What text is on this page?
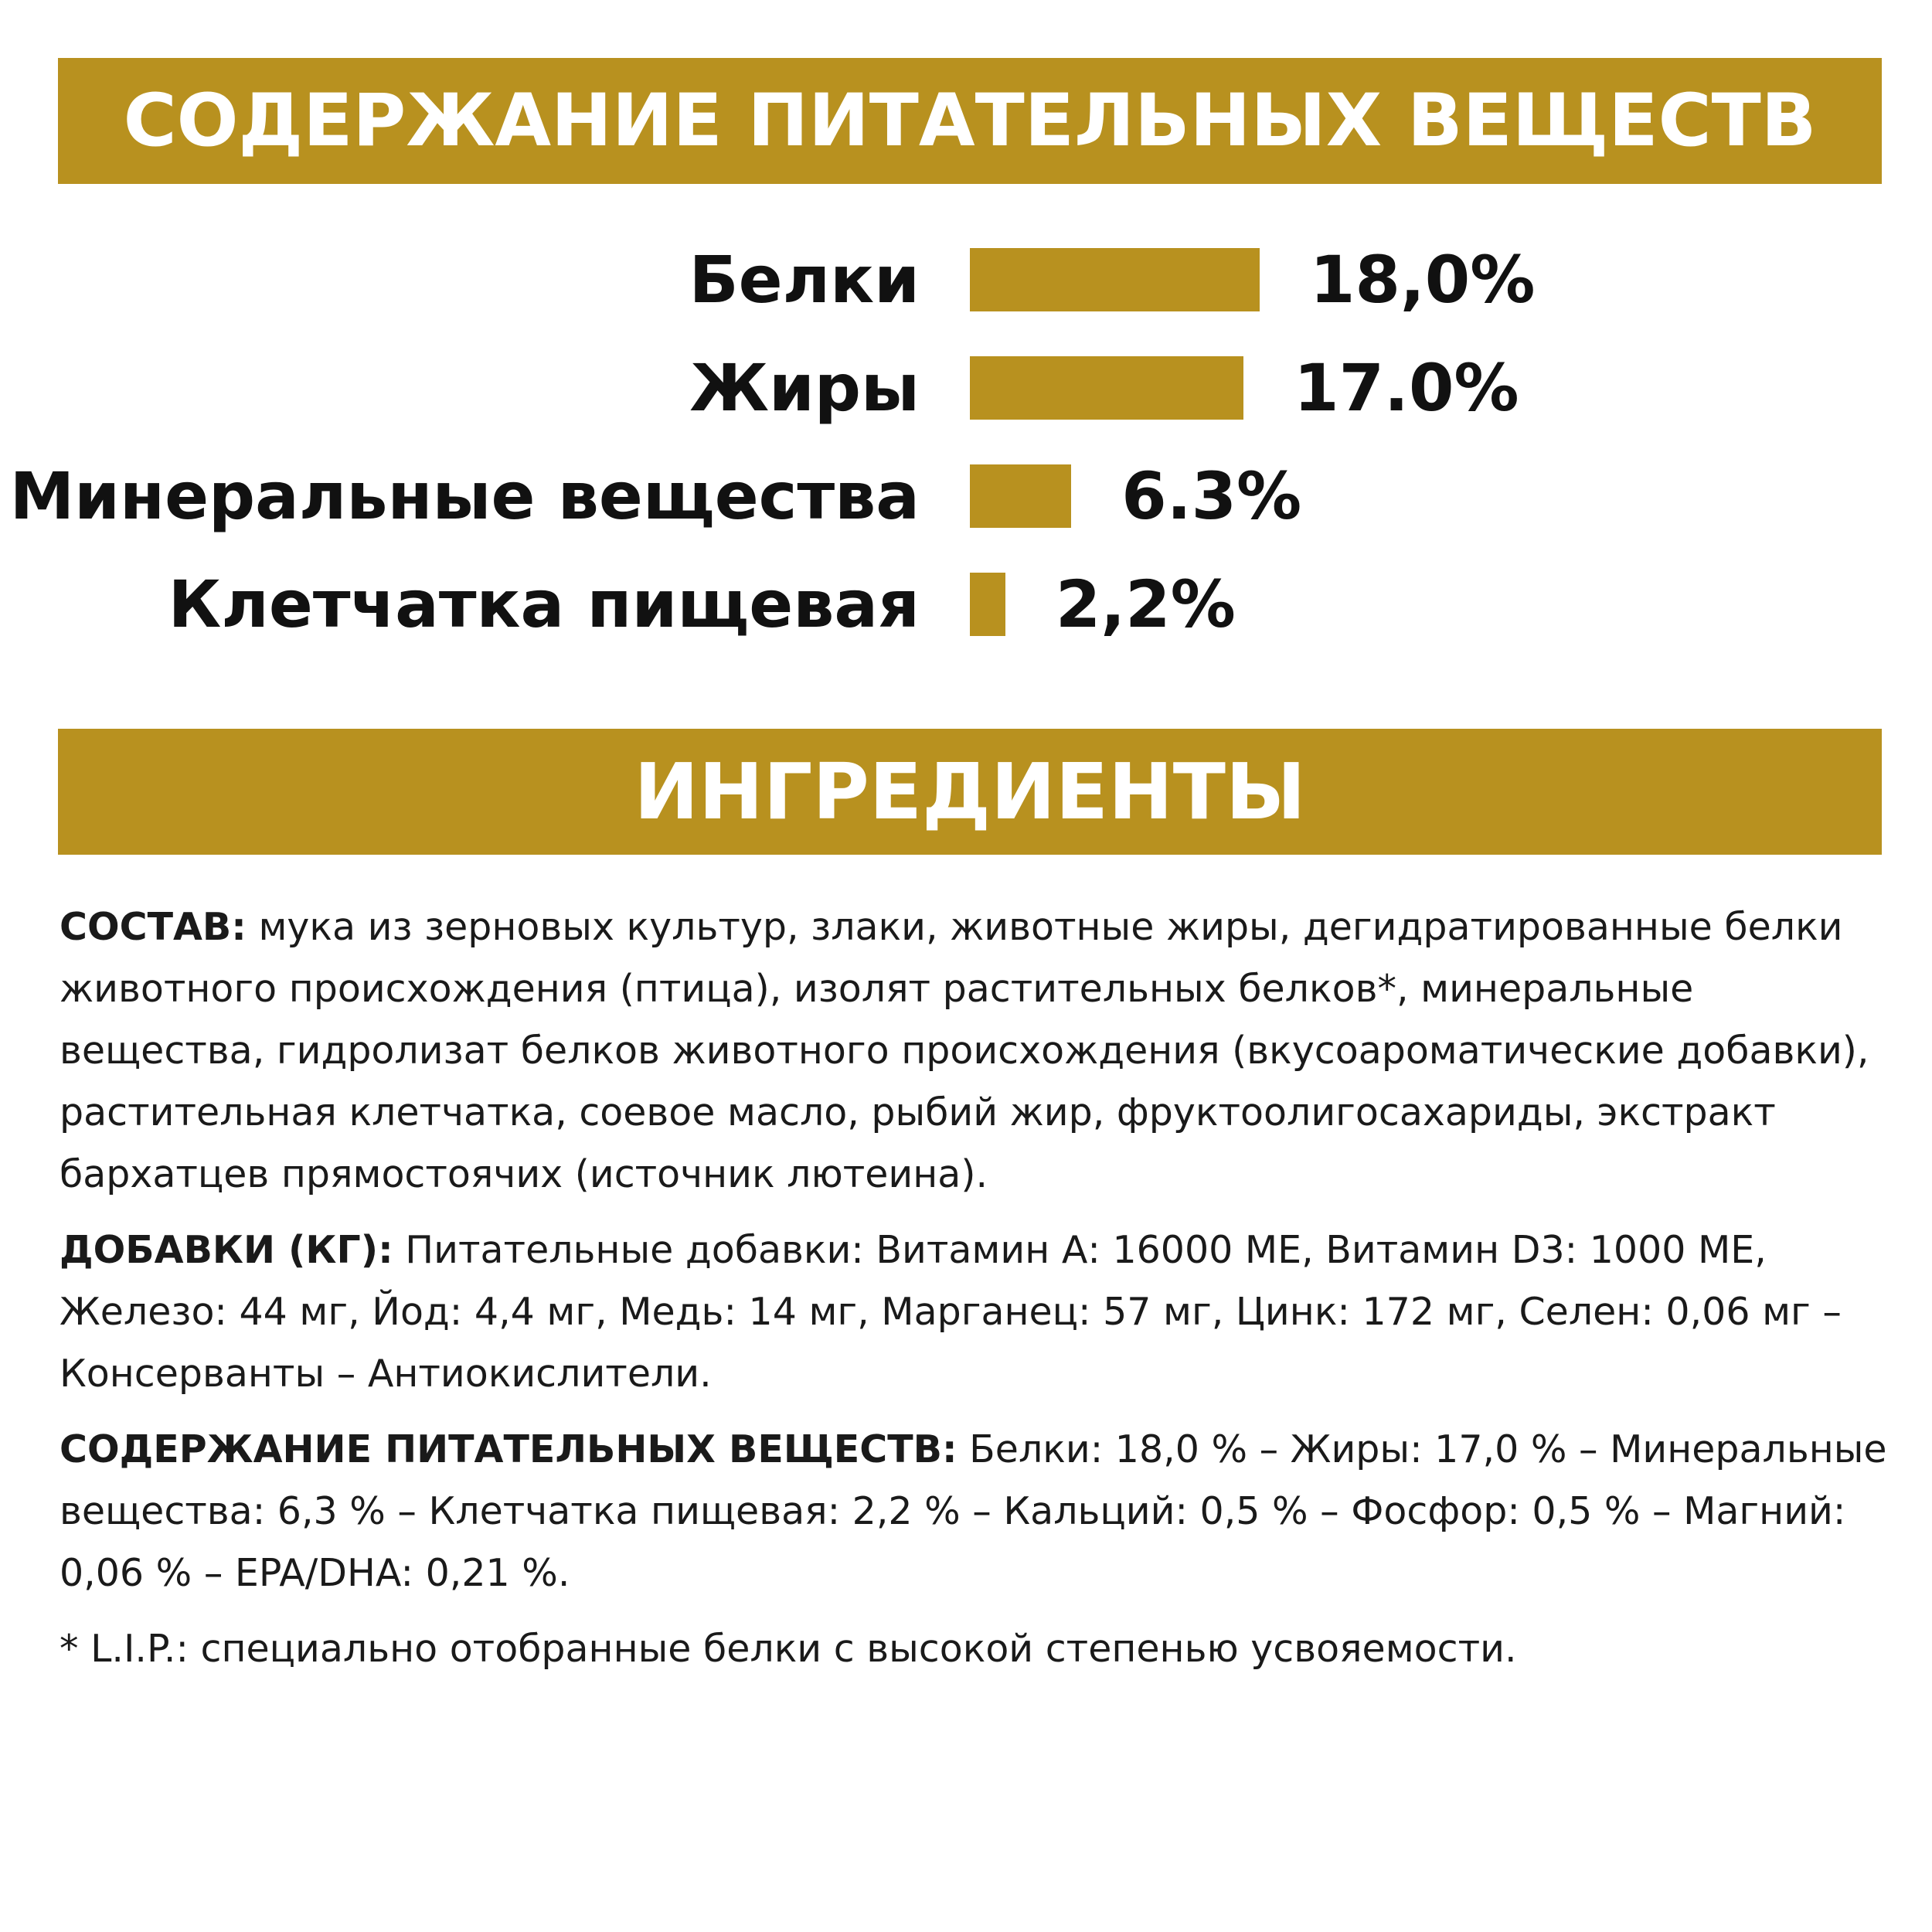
СОДЕРЖАНИЕ ПИТАТЕЛЬНЫХ ВЕЩЕСТВ
Белки	18,0%
Жиры	17.0%
Минеральные вещества	6.3%
Клетчатка пищевая 2,2%
ИНГРЕДИЕНТЫ

СОСТАВ: мука из зерновых культур, злаки, животные жиры, дегидратированные белки животного происхождения (птица), изолят растительных белков*, минеральные вещества, гидролизат белков животного происхождения (вкусоароматические добавки), растительная клетчатка, соевое масло, рыбий жир, фруктоолигосахариды, экстракт бархатцев прямостоячих (источник лютеина).

ДОБАВКИ (КГ): Питательные добавки: Витамин А: 16000 МЕ, Витамин D3: 1000 МЕ, Железо: 44 мг, Йод: 4,4 мг, Медь: 14 мг, Марганец: 57 мг, Цинк: 172 мг, Селен: 0,06 мг – Консерванты – Антиокислители.

СОДЕРЖАНИЕ ПИТАТЕЛЬНЫХ ВЕЩЕСТВ: Белки: 18,0 % – Жиры: 17,0 % – Минеральные вещества: 6,3 % – Клетчатка пищевая: 2,2 % – Кальций: 0,5 % – Фосфор: 0,5 % – Магний: 0,06 % – EPA/DHA: 0,21 %.

* L.I.P.: специально отобранные белки с высокой степенью усвояемости.
